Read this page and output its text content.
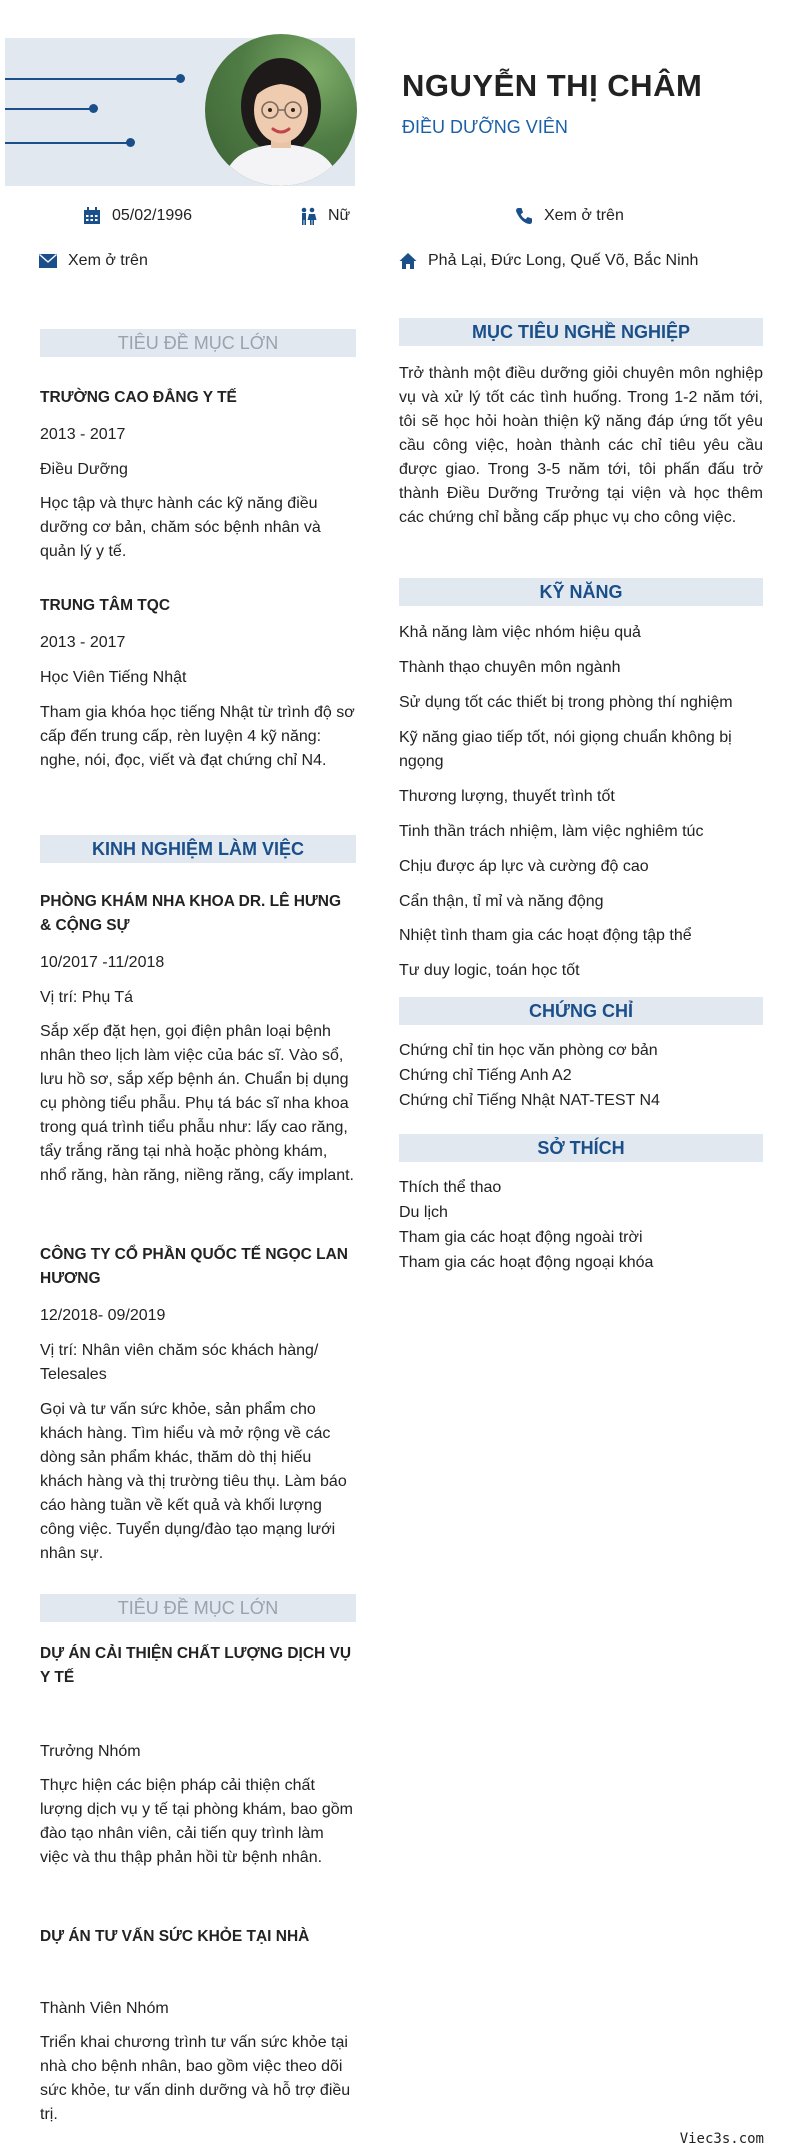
NGUYỄN THỊ CHÂM
ĐIỀU DƯỠNG VIÊN
05/02/1996	Nữ	Xem ở trên
Xem ở trên	Phả Lại, Đức Long, Quế Võ, Bắc Ninh
TIÊU ĐỀ MỤC LỚN
TRƯỜNG CAO ĐẲNG Y TẾ
2013 - 2017
Điều Dưỡng
Học tập và thực hành các kỹ năng điều dưỡng cơ bản, chăm sóc bệnh nhân và quản lý y tế.
TRUNG TÂM TQC
2013 - 2017
Học Viên Tiếng Nhật
Tham gia khóa học tiếng Nhật từ trình độ sơ cấp đến trung cấp, rèn luyện 4 kỹ năng: nghe, nói, đọc, viết và đạt chứng chỉ N4.
KINH NGHIỆM LÀM VIỆC
PHÒNG KHÁM NHA KHOA DR. LÊ HƯNG & CỘNG SỰ
10/2017 -11/2018
Vị trí: Phụ Tá
Sắp xếp đặt hẹn, gọi điện phân loại bệnh nhân theo lịch làm việc của bác sĩ. Vào sổ, lưu hồ sơ, sắp xếp bệnh án. Chuẩn bị dụng cụ phòng tiểu phẫu. Phụ tá bác sĩ nha khoa trong quá trình tiểu phẫu như: lấy cao răng, tẩy trắng răng tại nhà hoặc phòng khám, nhổ răng, hàn răng, niềng răng, cấy implant.
CÔNG TY CỔ PHẦN QUỐC TẾ NGỌC LAN HƯƠNG
12/2018- 09/2019
Vị trí: Nhân viên chăm sóc khách hàng/ Telesales
Gọi và tư vấn sức khỏe, sản phẩm cho khách hàng. Tìm hiểu và mở rộng về các dòng sản phẩm khác, thăm dò thị hiếu khách hàng và thị trường tiêu thụ. Làm báo cáo hàng tuần về kết quả và khối lượng công việc. Tuyển dụng/đào tạo mạng lưới nhân sự.
TIÊU ĐỀ MỤC LỚN
DỰ ÁN CẢI THIỆN CHẤT LƯỢNG DỊCH VỤ Y TẾ
Trưởng Nhóm
Thực hiện các biện pháp cải thiện chất lượng dịch vụ y tế tại phòng khám, bao gồm đào tạo nhân viên, cải tiến quy trình làm việc và thu thập phản hồi từ bệnh nhân.
DỰ ÁN TƯ VẤN SỨC KHỎE TẠI NHÀ
Thành Viên Nhóm
Triển khai chương trình tư vấn sức khỏe tại nhà cho bệnh nhân, bao gồm việc theo dõi sức khỏe, tư vấn dinh dưỡng và hỗ trợ điều trị.
MỤC TIÊU NGHỀ NGHIỆP
Trở thành một điều dưỡng giỏi chuyên môn nghiệp vụ và xử lý tốt các tình huống. Trong 1-2 năm tới, tôi sẽ học hỏi hoàn thiện kỹ năng đáp ứng tốt yêu cầu công việc, hoàn thành các chỉ tiêu yêu cầu được giao. Trong 3-5 năm tới, tôi phấn đấu trở thành Điều Dưỡng Trưởng tại viện và học thêm các chứng chỉ bằng cấp phục vụ cho công việc.
KỸ NĂNG
Khả năng làm việc nhóm hiệu quả
Thành thạo chuyên môn ngành
Sử dụng tốt các thiết bị trong phòng thí nghiệm
Kỹ năng giao tiếp tốt, nói giọng chuẩn không bị ngọng
Thương lượng, thuyết trình tốt
Tinh thần trách nhiệm, làm việc nghiêm túc
Chịu được áp lực và cường độ cao
Cẩn thận, tỉ mỉ và năng động
Nhiệt tình tham gia các hoạt động tập thể
Tư duy logic, toán học tốt
CHỨNG CHỈ
Chứng chỉ tin học văn phòng cơ bản
Chứng chỉ Tiếng Anh A2
Chứng chỉ Tiếng Nhật NAT-TEST N4
SỞ THÍCH
Thích thể thao
Du lịch
Tham gia các hoạt động ngoài trời
Tham gia các hoạt động ngoại khóa
Viec3s.com
